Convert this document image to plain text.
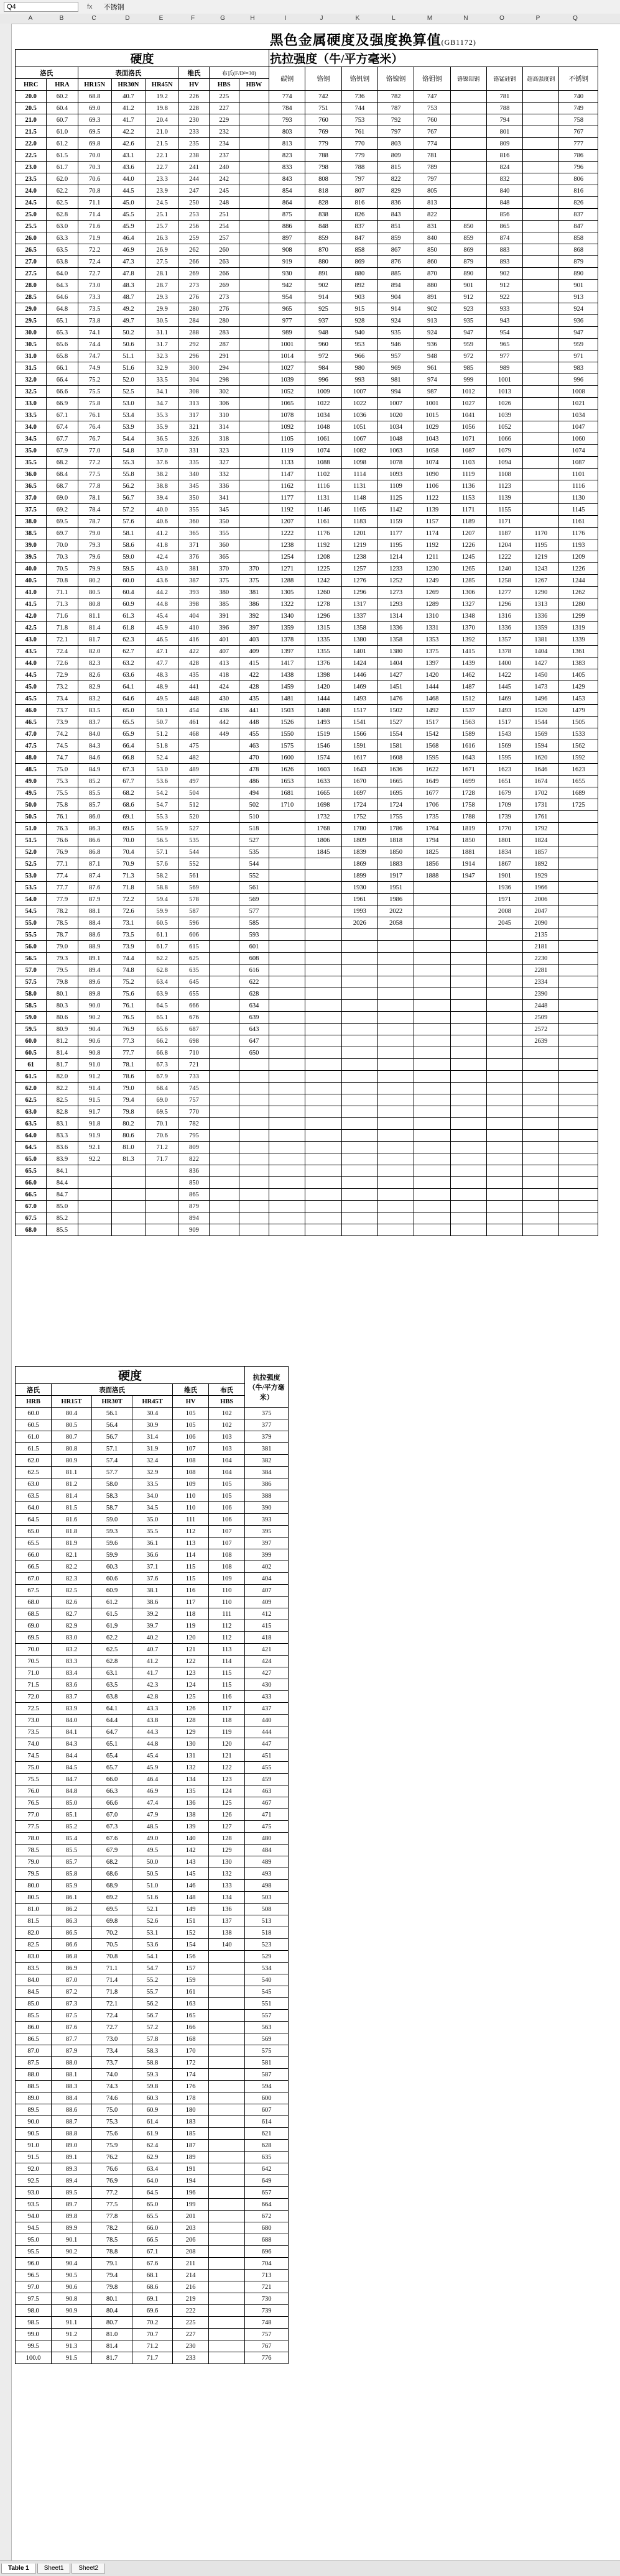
Q4	fx 不锈钢
A	B	C	D	E	F	G	H	I	J	K	L	M	N	O	P	Q
								黑色金属硬度及强度换算值(GB1172)								
硬度								抗拉强度（牛/平方毫米）								
洛氏		表面洛氏			维氏	布氏(F/D²=30)		碳钢	铬钢	铬钒钢	铬镍钢	铬钼钢	铬镍钼钢	铬锰硅钢	超高强度钢	不锈钢
HRC	HRA	HR15N	HR30N	HR45N	HV	HBS	HBW									
20.0	60.2	68.8	40.7	19.2	226	225		774	742	736	782	747		781		740
20.5	60.4	69.0	41.2	19.8	228	227		784	751	744	787	753		788		749
21.0	60.7	69.3	41.7	20.4	230	229		793	760	753	792	760		794		758
21.5	61.0	69.5	42.2	21.0	233	232		803	769	761	797	767		801		767
22.0	61.2	69.8	42.6	21.5	235	234		813	779	770	803	774		809		777
22.5	61.5	70.0	43.1	22.1	238	237		823	788	779	809	781		816		786
23.0	61.7	70.3	43.6	22.7	241	240		833	798	788	815	789		824		796
23.5	62.0	70.6	44.0	23.3	244	242		843	808	797	822	797		832		806
24.0	62.2	70.8	44.5	23.9	247	245		854	818	807	829	805		840		816
24.5	62.5	71.1	45.0	24.5	250	248		864	828	816	836	813		848		826
25.0	62.8	71.4	45.5	25.1	253	251		875	838	826	843	822		856		837
25.5	63.0	71.6	45.9	25.7	256	254		886	848	837	851	831	850	865		847
26.0	63.3	71.9	46.4	26.3	259	257		897	859	847	859	840	859	874		858
26.5	63.5	72.2	46.9	26.9	262	260		908	870	858	867	850	869	883		868
27.0	63.8	72.4	47.3	27.5	266	263		919	880	869	876	860	879	893		879
27.5	64.0	72.7	47.8	28.1	269	266		930	891	880	885	870	890	902		890
28.0	64.3	73.0	48.3	28.7	273	269		942	902	892	894	880	901	912		901
28.5	64.6	73.3	48.7	29.3	276	273		954	914	903	904	891	912	922		913
29.0	64.8	73.5	49.2	29.9	280	276		965	925	915	914	902	923	933		924
29.5	65.1	73.8	49.7	30.5	284	280		977	937	928	924	913	935	943		936
30.0	65.3	74.1	50.2	31.1	288	283		989	948	940	935	924	947	954		947
30.5	65.6	74.4	50.6	31.7	292	287		1001	960	953	946	936	959	965		959
31.0	65.8	74.7	51.1	32.3	296	291		1014	972	966	957	948	972	977		971
31.5	66.1	74.9	51.6	32.9	300	294		1027	984	980	969	961	985	989		983
32.0	66.4	75.2	52.0	33.5	304	298		1039	996	993	981	974	999	1001		996
32.5	66.6	75.5	52.5	34.1	308	302		1052	1009	1007	994	987	1012	1013		1008
33.0	66.9	75.8	53.0	34.7	313	306		1065	1022	1022	1007	1001	1027	1026		1021
33.5	67.1	76.1	53.4	35.3	317	310		1078	1034	1036	1020	1015	1041	1039		1034
34.0	67.4	76.4	53.9	35.9	321	314		1092	1048	1051	1034	1029	1056	1052		1047
34.5	67.7	76.7	54.4	36.5	326	318		1105	1061	1067	1048	1043	1071	1066		1060
35.0	67.9	77.0	54.8	37.0	331	323		1119	1074	1082	1063	1058	1087	1079		1074
35.5	68.2	77.2	55.3	37.6	335	327		1133	1088	1098	1078	1074	1103	1094		1087
36.0	68.4	77.5	55.8	38.2	340	332		1147	1102	1114	1093	1090	1119	1108		1101
36.5	68.7	77.8	56.2	38.8	345	336		1162	1116	1131	1109	1106	1136	1123		1116
37.0	69.0	78.1	56.7	39.4	350	341		1177	1131	1148	1125	1122	1153	1139		1130
37.5	69.2	78.4	57.2	40.0	355	345		1192	1146	1165	1142	1139	1171	1155		1145
38.0	69.5	78.7	57.6	40.6	360	350		1207	1161	1183	1159	1157	1189	1171		1161
38.5	69.7	79.0	58.1	41.2	365	355		1222	1176	1201	1177	1174	1207	1187	1170	1176
39.0	70.0	79.3	58.6	41.8	371	360		1238	1192	1219	1195	1192	1226	1204	1195	1193
39.5	70.3	79.6	59.0	42.4	376	365		1254	1208	1238	1214	1211	1245	1222	1219	1209
40.0	70.5	79.9	59.5	43.0	381	370	370	1271	1225	1257	1233	1230	1265	1240	1243	1226
40.5	70.8	80.2	60.0	43.6	387	375	375	1288	1242	1276	1252	1249	1285	1258	1267	1244
41.0	71.1	80.5	60.4	44.2	393	380	381	1305	1260	1296	1273	1269	1306	1277	1290	1262
41.5	71.3	80.8	60.9	44.8	398	385	386	1322	1278	1317	1293	1289	1327	1296	1313	1280
42.0	71.6	81.1	61.3	45.4	404	391	392	1340	1296	1337	1314	1310	1348	1316	1336	1299
42.5	71.8	81.4	61.8	45.9	410	396	397	1359	1315	1358	1336	1331	1370	1336	1359	1319
43.0	72.1	81.7	62.3	46.5	416	401	403	1378	1335	1380	1358	1353	1392	1357	1381	1339
43.5	72.4	82.0	62.7	47.1	422	407	409	1397	1355	1401	1380	1375	1415	1378	1404	1361
44.0	72.6	82.3	63.2	47.7	428	413	415	1417	1376	1424	1404	1397	1439	1400	1427	1383
44.5	72.9	82.6	63.6	48.3	435	418	422	1438	1398	1446	1427	1420	1462	1422	1450	1405
45.0	73.2	82.9	64.1	48.9	441	424	428	1459	1420	1469	1451	1444	1487	1445	1473	1429
45.5	73.4	83.2	64.6	49.5	448	430	435	1481	1444	1493	1476	1468	1512	1469	1496	1453
46.0	73.7	83.5	65.0	50.1	454	436	441	1503	1468	1517	1502	1492	1537	1493	1520	1479
46.5	73.9	83.7	65.5	50.7	461	442	448	1526	1493	1541	1527	1517	1563	1517	1544	1505
47.0	74.2	84.0	65.9	51.2	468	449	455	1550	1519	1566	1554	1542	1589	1543	1569	1533
47.5	74.5	84.3	66.4	51.8	475		463	1575	1546	1591	1581	1568	1616	1569	1594	1562
48.0	74.7	84.6	66.8	52.4	482		470	1600	1574	1617	1608	1595	1643	1595	1620	1592
48.5	75.0	84.9	67.3	53.0	489		478	1626	1603	1643	1636	1622	1671	1623	1646	1623
49.0	75.3	85.2	67.7	53.6	497		486	1653	1633	1670	1665	1649	1699	1651	1674	1655
49.5	75.5	85.5	68.2	54.2	504		494	1681	1665	1697	1695	1677	1728	1679	1702	1689
50.0	75.8	85.7	68.6	54.7	512		502	1710	1698	1724	1724	1706	1758	1709	1731	1725
50.5	76.1	86.0	69.1	55.3	520		510		1732	1752	1755	1735	1788	1739	1761	
51.0	76.3	86.3	69.5	55.9	527		518		1768	1780	1786	1764	1819	1770	1792	
51.5	76.6	86.6	70.0	56.5	535		527		1806	1809	1818	1794	1850	1801	1824	
52.0	76.9	86.8	70.4	57.1	544		535		1845	1839	1850	1825	1881	1834	1857	
52.5	77.1	87.1	70.9	57.6	552		544			1869	1883	1856	1914	1867	1892	
53.0	77.4	87.4	71.3	58.2	561		552			1899	1917	1888	1947	1901	1929	
53.5	77.7	87.6	71.8	58.8	569		561			1930	1951			1936	1966	
54.0	77.9	87.9	72.2	59.4	578		569			1961	1986			1971	2006	
54.5	78.2	88.1	72.6	59.9	587		577			1993	2022			2008	2047	
55.0	78.5	88.4	73.1	60.5	596		585			2026	2058			2045	2090	
55.5	78.7	88.6	73.5	61.1	606		593								2135	
56.0	79.0	88.9	73.9	61.7	615		601								2181	
56.5	79.3	89.1	74.4	62.2	625		608								2230	
57.0	79.5	89.4	74.8	62.8	635		616								2281	
57.5	79.8	89.6	75.2	63.4	645		622								2334	
58.0	80.1	89.8	75.6	63.9	655		628								2390	
58.5	80.3	90.0	76.1	64.5	666		634								2448	
59.0	80.6	90.2	76.5	65.1	676		639								2509	
59.5	80.9	90.4	76.9	65.6	687		643								2572	
60.0	81.2	90.6	77.3	66.2	698		647								2639	
60.5	81.4	90.8	77.7	66.8	710		650									
61	81.7	91.0	78.1	67.3	721											
61.5	82.0	91.2	78.6	67.9	733											
62.0	82.2	91.4	79.0	68.4	745											
62.5	82.5	91.5	79.4	69.0	757											
63.0	82.8	91.7	79.8	69.5	770											
63.5	83.1	91.8	80.2	70.1	782											
64.0	83.3	91.9	80.6	70.6	795											
64.5	83.6	92.1	81.0	71.2	809											
65.0	83.9	92.2	81.3	71.7	822											
65.5	84.1				836											
66.0	84.4				850											
66.5	84.7				865											
67.0	85.0				879											
67.5	85.2				894											
68.0	85.5				909											
硬度						抗拉强度（牛/平方毫米）
洛氏	表面洛氏			维氏	布氏	
HRB	HR15T	HR30T	HR45T	HV	HBS	
60.0	80.4	56.1	30.4	105	102	375
60.5	80.5	56.4	30.9	105	102	377
61.0	80.7	56.7	31.4	106	103	379
61.5	80.8	57.1	31.9	107	103	381
62.0	80.9	57.4	32.4	108	104	382
62.5	81.1	57.7	32.9	108	104	384
63.0	81.2	58.0	33.5	109	105	386
63.5	81.4	58.3	34.0	110	105	388
64.0	81.5	58.7	34.5	110	106	390
64.5	81.6	59.0	35.0	111	106	393
65.0	81.8	59.3	35.5	112	107	395
65.5	81.9	59.6	36.1	113	107	397
66.0	82.1	59.9	36.6	114	108	399
66.5	82.2	60.3	37.1	115	108	402
67.0	82.3	60.6	37.6	115	109	404
67.5	82.5	60.9	38.1	116	110	407
68.0	82.6	61.2	38.6	117	110	409
68.5	82.7	61.5	39.2	118	111	412
69.0	82.9	61.9	39.7	119	112	415
69.5	83.0	62.2	40.2	120	112	418
70.0	83.2	62.5	40.7	121	113	421
70.5	83.3	62.8	41.2	122	114	424
71.0	83.4	63.1	41.7	123	115	427
71.5	83.6	63.5	42.3	124	115	430
72.0	83.7	63.8	42.8	125	116	433
72.5	83.9	64.1	43.3	126	117	437
73.0	84.0	64.4	43.8	128	118	440
73.5	84.1	64.7	44.3	129	119	444
74.0	84.3	65.1	44.8	130	120	447
74.5	84.4	65.4	45.4	131	121	451
75.0	84.5	65.7	45.9	132	122	455
75.5	84.7	66.0	46.4	134	123	459
76.0	84.8	66.3	46.9	135	124	463
76.5	85.0	66.6	47.4	136	125	467
77.0	85.1	67.0	47.9	138	126	471
77.5	85.2	67.3	48.5	139	127	475
78.0	85.4	67.6	49.0	140	128	480
78.5	85.5	67.9	49.5	142	129	484
79.0	85.7	68.2	50.0	143	130	489
79.5	85.8	68.6	50.5	145	132	493
80.0	85.9	68.9	51.0	146	133	498
80.5	86.1	69.2	51.6	148	134	503
81.0	86.2	69.5	52.1	149	136	508
81.5	86.3	69.8	52.6	151	137	513
82.0	86.5	70.2	53.1	152	138	518
82.5	86.6	70.5	53.6	154	140	523
83.0	86.8	70.8	54.1	156		529
83.5	86.9	71.1	54.7	157		534
84.0	87.0	71.4	55.2	159		540
84.5	87.2	71.8	55.7	161		545
85.0	87.3	72.1	56.2	163		551
85.5	87.5	72.4	56.7	165		557
86.0	87.6	72.7	57.2	166		563
86.5	87.7	73.0	57.8	168		569
87.0	87.9	73.4	58.3	170		575
87.5	88.0	73.7	58.8	172		581
88.0	88.1	74.0	59.3	174		587
88.5	88.3	74.3	59.8	176		594
89.0	88.4	74.6	60.3	178		600
89.5	88.6	75.0	60.9	180		607
90.0	88.7	75.3	61.4	183		614
90.5	88.8	75.6	61.9	185		621
91.0	89.0	75.9	62.4	187		628
91.5	89.1	76.2	62.9	189		635
92.0	89.3	76.6	63.4	191		642
92.5	89.4	76.9	64.0	194		649
93.0	89.5	77.2	64.5	196		657
93.5	89.7	77.5	65.0	199		664
94.0	89.8	77.8	65.5	201		672
94.5	89.9	78.2	66.0	203		680
95.0	90.1	78.5	66.5	206		688
95.5	90.2	78.8	67.1	208		696
96.0	90.4	79.1	67.6	211		704
96.5	90.5	79.4	68.1	214		713
97.0	90.6	79.8	68.6	216		721
97.5	90.8	80.1	69.1	219		730
98.0	90.9	80.4	69.6	222		739
98.5	91.1	80.7	70.2	225		748
99.0	91.2	81.0	70.7	227		757
99.5	91.3	81.4	71.2	230		767
100.0	91.5	81.7	71.7	233		776
Table 1	Sheet1	Sheet2
